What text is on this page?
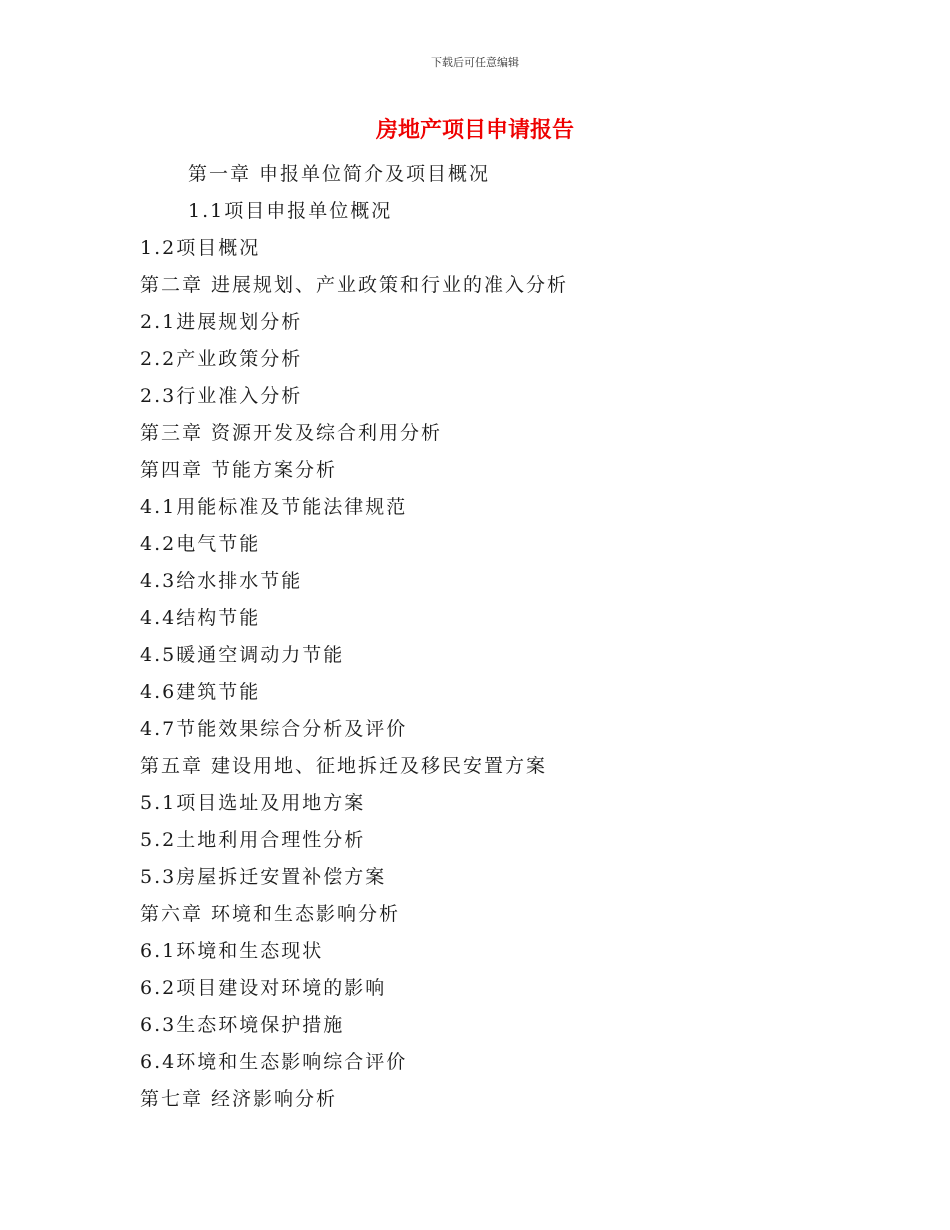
下载后可任意编辑
房地产项目申请报告
第一章 申报单位简介及项目概况
1.1项目申报单位概况
1.2项目概况
第二章 进展规划、产业政策和行业的准入分析
2.1进展规划分析
2.2产业政策分析
2.3行业准入分析
第三章 资源开发及综合利用分析
第四章 节能方案分析
4.1用能标准及节能法律规范
4.2电气节能
4.3给水排水节能
4.4结构节能
4.5暖通空调动力节能
4.6建筑节能
4.7节能效果综合分析及评价
第五章 建设用地、征地拆迁及移民安置方案
5.1项目选址及用地方案
5.2土地利用合理性分析
5.3房屋拆迁安置补偿方案
第六章 环境和生态影响分析
6.1环境和生态现状
6.2项目建设对环境的影响
6.3生态环境保护措施
6.4环境和生态影响综合评价
第七章 经济影响分析
